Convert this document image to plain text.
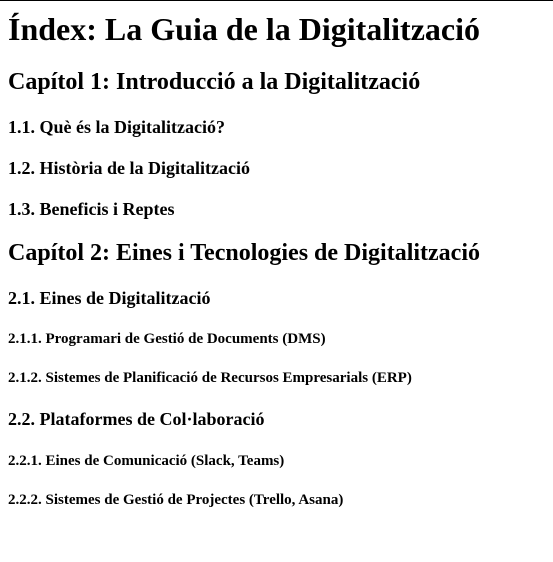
Índex: La Guia de la Digitalització
Capítol 1: Introducció a la Digitalització
1.1. Què és la Digitalització?
1.2. Història de la Digitalització
1.3. Beneficis i Reptes
Capítol 2: Eines i Tecnologies de Digitalització
2.1. Eines de Digitalització
2.1.1. Programari de Gestió de Documents (DMS)
2.1.2. Sistemes de Planificació de Recursos Empresarials (ERP)
2.2. Plataformes de Col·laboració
2.2.1. Eines de Comunicació (Slack, Teams)
2.2.2. Sistemes de Gestió de Projectes (Trello, Asana)
